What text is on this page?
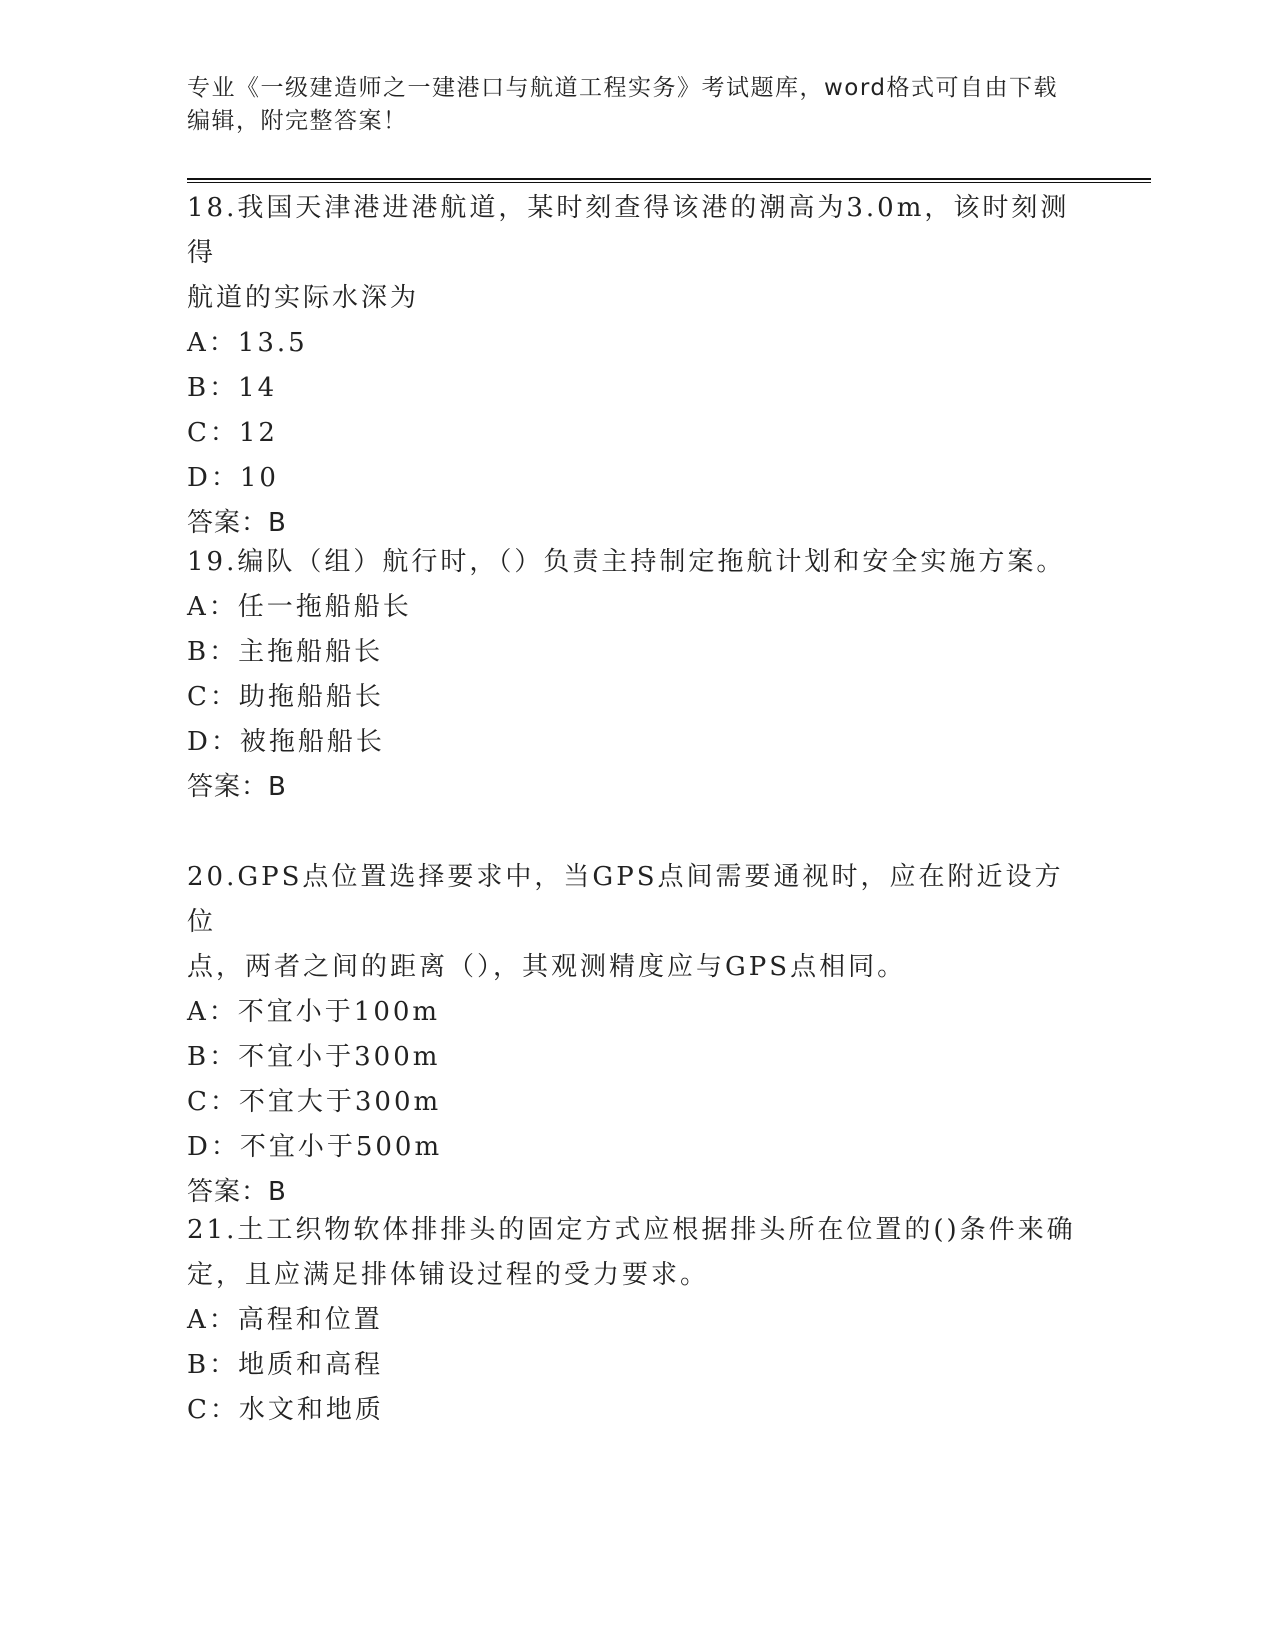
专业《一级建造师之一建港口与航道工程实务》考试题库，word格式可自由下载
编辑，附完整答案！

18.我国天津港进港航道，某时刻查得该港的潮高为3.0m，该时刻测得

航道的实际水深为

A：13.5

B：14

C：12

D：10

答案：B

19.编队（组）航行时，（）负责主持制定拖航计划和安全实施方案。

A：任一拖船船长

B：主拖船船长

C：助拖船船长

D：被拖船船长

答案：B

20.GPS点位置选择要求中，当GPS点间需要通视时，应在附近设方位

点，两者之间的距离（），其观测精度应与GPS点相同。

A：不宜小于100m

B：不宜小于300m

C：不宜大于300m

D：不宜小于500m

答案：B

21.土工织物软体排排头的固定方式应根据排头所在位置的()条件来确

定，且应满足排体铺设过程的受力要求。

A：高程和位置

B：地质和高程

C：水文和地质
